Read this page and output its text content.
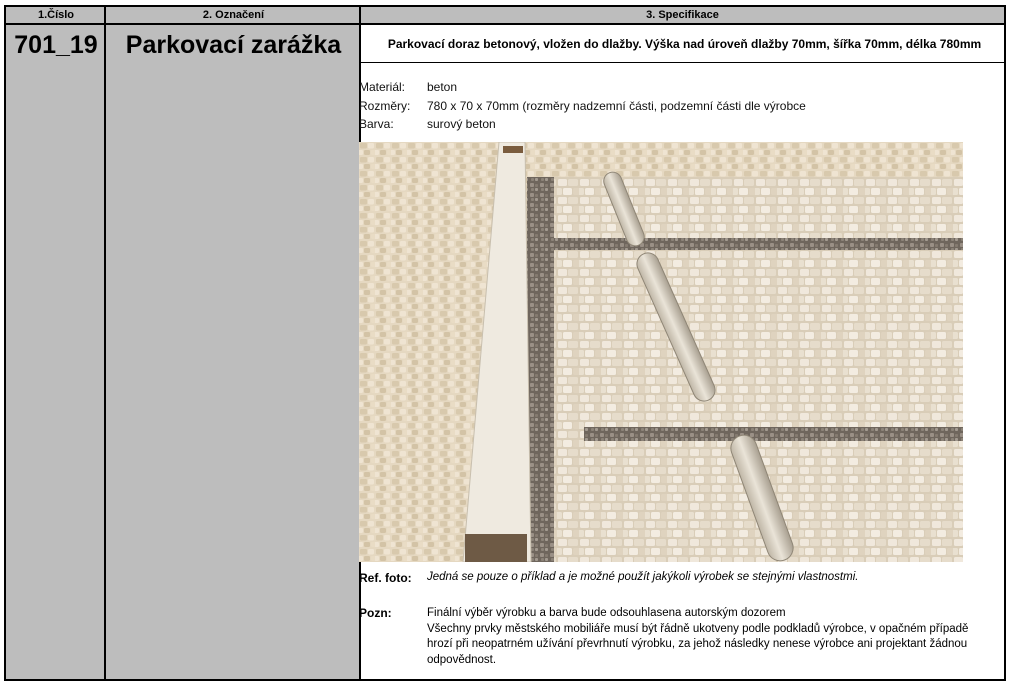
1.Číslo	2. Označení	3. Specifikace
701_19	Parkovací zarážka	Parkovací doraz betonový, vložen do dlažby. Výška nad úroveň dlažby 70mm, šířka 70mm, délka 780mm
Materiál:	beton
Rozměry:	780 x 70 x 70mm (rozměry nadzemní části, podzemní části dle výrobce
Barva:	surový beton
Ref. foto:	Jedná se pouze o příklad a je možné použít jakýkoli výrobek se stejnými vlastnostmi.
Pozn:	Finální výběr výrobku a barva bude odsouhlasena autorským dozorem
Všechny prvky městského mobiliáře musí být řádně ukotveny podle podkladů výrobce, v opačném případě hrozí při neopatrném užívání převrhnutí výrobku, za jehož následky nenese výrobce ani projektant žádnou odpovědnost.
